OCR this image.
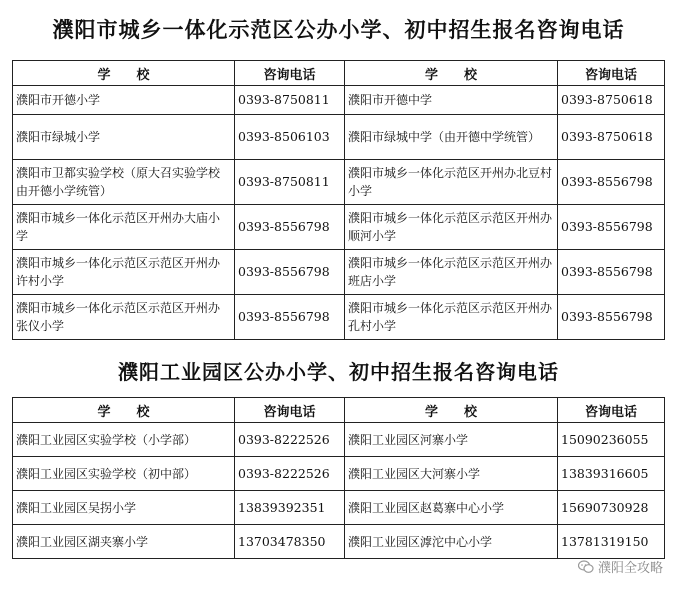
濮阳市城乡一体化示范区公办小学、初中招生报名咨询电话
学　　校	咨询电话	学　　校	咨询电话
濮阳市开德小学	0393-8750811	濮阳市开德中学	0393-8750618
濮阳市绿城小学	0393-8506103	濮阳市绿城中学（由开德中学统管）	0393-8750618
濮阳市卫都实验学校（原大召实验学校由开德小学统管）	0393-8750811	濮阳市城乡一体化示范区开州办北豆村小学	0393-8556798
濮阳市城乡一体化示范区开州办大庙小学	0393-8556798	濮阳市城乡一体化示范区示范区开州办顺河小学	0393-8556798
濮阳市城乡一体化示范区示范区开州办许村小学	0393-8556798	濮阳市城乡一体化示范区示范区开州办班店小学	0393-8556798
濮阳市城乡一体化示范区示范区开州办张仪小学	0393-8556798	濮阳市城乡一体化示范区示范区开州办孔村小学	0393-8556798
濮阳工业园区公办小学、初中招生报名咨询电话
学　　校	咨询电话	学　　校	咨询电话
濮阳工业园区实验学校（小学部）	0393-8222526	濮阳工业园区河寨小学	15090236055
濮阳工业园区实验学校（初中部）	0393-8222526	濮阳工业园区大河寨小学	13839316605
濮阳工业园区吴拐小学	13839392351	濮阳工业园区赵葛寨中心小学	15690730928
濮阳工业园区湖夹寨小学	13703478350	濮阳工业园区滹沱中心小学	13781319150
濮阳全攻略
